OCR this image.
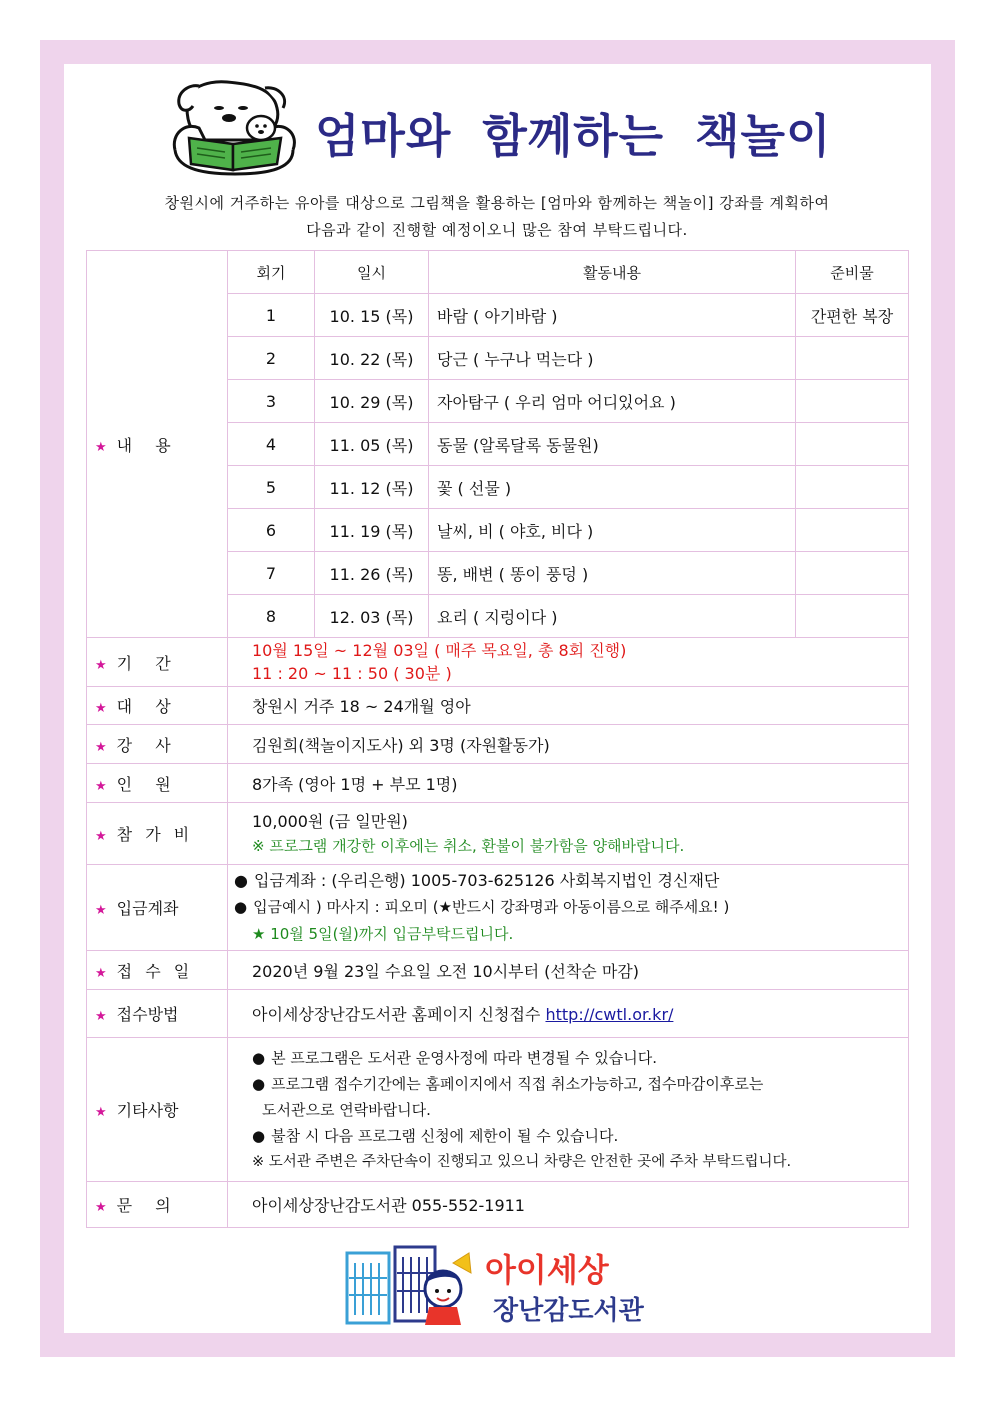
엄마와 함께하는 책놀이
창원시에 거주하는 유아를 대상으로 그림책을 활용하는 [엄마와 함께하는 책놀이] 강좌를 계획하여
다음과 같이 진행할 예정이오니 많은 참여 부탁드립니다.
★ 내 용	회기	일시	활동내용	준비물
	1	10. 15 (목)	바람 ( 아기바람 )	간편한 복장
	2	10. 22 (목)	당근 ( 누구나 먹는다 )	
	3	10. 29 (목)	자아탐구 ( 우리 엄마 어디있어요 )	
	4	11. 05 (목)	동물 (알록달록 동물원)	
	5	11. 12 (목)	꽃 ( 선물 )	
	6	11. 19 (목)	날씨, 비 ( 야호, 비다 )	
	7	11. 26 (목)	똥, 배변 ( 똥이 풍덩 )	
	8	12. 03 (목)	요리 ( 지렁이다 )	
★ 기 간	10월 15일 ~ 12월 03일 ( 매주 목요일, 총 8회 진행)
11 : 20 ~ 11 : 50 ( 30분 )			

★ 대 상	창원시 거주 18 ~ 24개월 영아			
★ 강 사	김원희(책놀이지도사) 외 3명 (자원활동가)			
★ 인 원	8가족 (영아 1명 + 부모 1명)			
★ 참 가 비	10,000원 (금 일만원)
※ 프로그램 개강한 이후에는 취소, 환불이 불가함을 양해바랍니다.			

★ 입금계좌	● 입금계좌 : (우리은행) 1005-703-625126 사회복지법인 경신재단
● 입금예시 ) 마사지 : 피오미 (★반드시 강좌명과 아동이름으로 해주세요! )
★ 10월 5일(월)까지 입금부탁드립니다.			

★ 접 수 일	2020년 9월 23일 수요일 오전 10시부터 (선착순 마감)			
★ 접수방법	아이세상장난감도서관 홈페이지 신청접수 http://cwtl.or.kr/			
★ 기타사항	● 본 프로그램은 도서관 운영사정에 따라 변경될 수 있습니다.
● 프로그램 접수기간에는 홈페이지에서 직접 취소가능하고, 접수마감이후로는
도서관으로 연락바랍니다.
● 불참 시 다음 프로그램 신청에 제한이 될 수 있습니다.
※ 도서관 주변은 주차단속이 진행되고 있으니 차량은 안전한 곳에 주차 부탁드립니다.			

★ 문 의	아이세상장난감도서관 055-552-1911			
아이세상
장난감도서관
